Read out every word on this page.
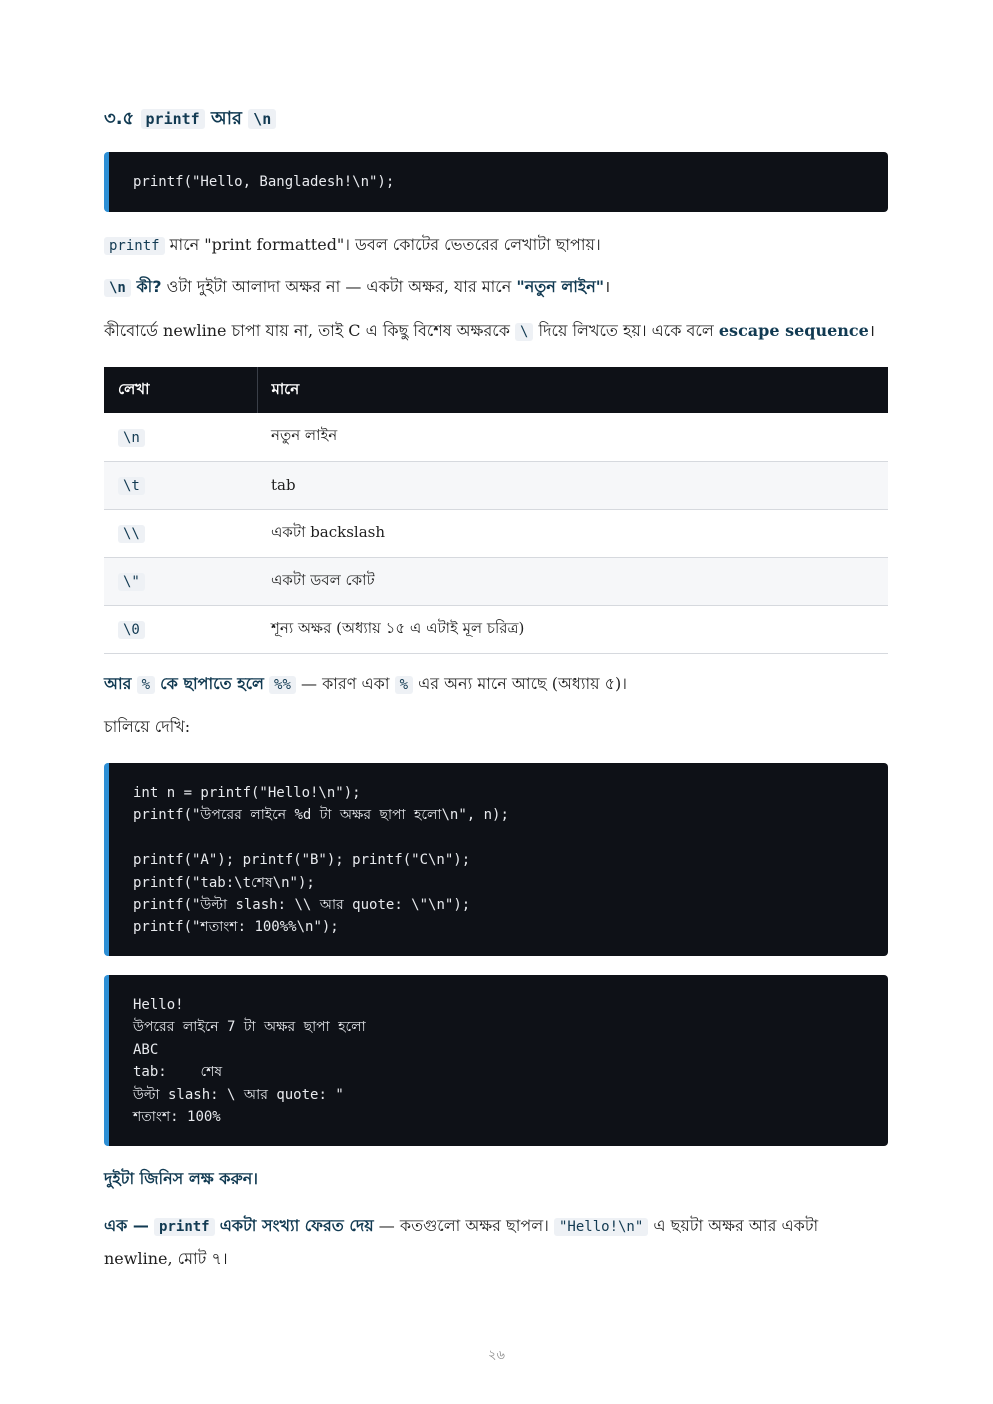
৩.৫ printf আর \n
printf("Hello, Bangladesh!\n");

printf মানে "print formatted"। ডবল কোটের ভেতরের লেখাটা ছাপায়।

\n কী? ওটা দুইটা আলাদা অক্ষর না — একটা অক্ষর, যার মানে "নতুন লাইন"।

কীবোর্ডে newline চাপা যায় না, তাই C এ কিছু বিশেষ অক্ষরকে \ দিয়ে লিখতে হয়। একে বলে escape sequence।

লেখা	মানে
\n	নতুন লাইন
\t	tab
\\	একটা backslash
\"	একটা ডবল কোট
\0	শূন্য অক্ষর (অধ্যায় ১৫ এ এটাই মূল চরিত্র)

আর % কে ছাপাতে হলে %% — কারণ একা % এর অন্য মানে আছে (অধ্যায় ৫)।

চালিয়ে দেখি:

int n = printf("Hello!\n");
printf("উপরের লাইনে %d টা অক্ষর ছাপা হলো\n", n);

printf("A"); printf("B"); printf("C\n");
printf("tab:\tশেষ\n");
printf("উল্টা slash: \\ আর quote: \"\n");
printf("শতাংশ: 100%%\n");
Hello!
উপরের লাইনে 7 টা অক্ষর ছাপা হলো
ABC
tab:	শেষ
উল্টা slash: \ আর quote: "
শতাংশ: 100%

দুইটা জিনিস লক্ষ করুন।

এক — printf একটা সংখ্যা ফেরত দেয় — কতগুলো অক্ষর ছাপল। "Hello!\n" এ ছয়টা অক্ষর আর একটা
newline, মোট ৭।

২৬
